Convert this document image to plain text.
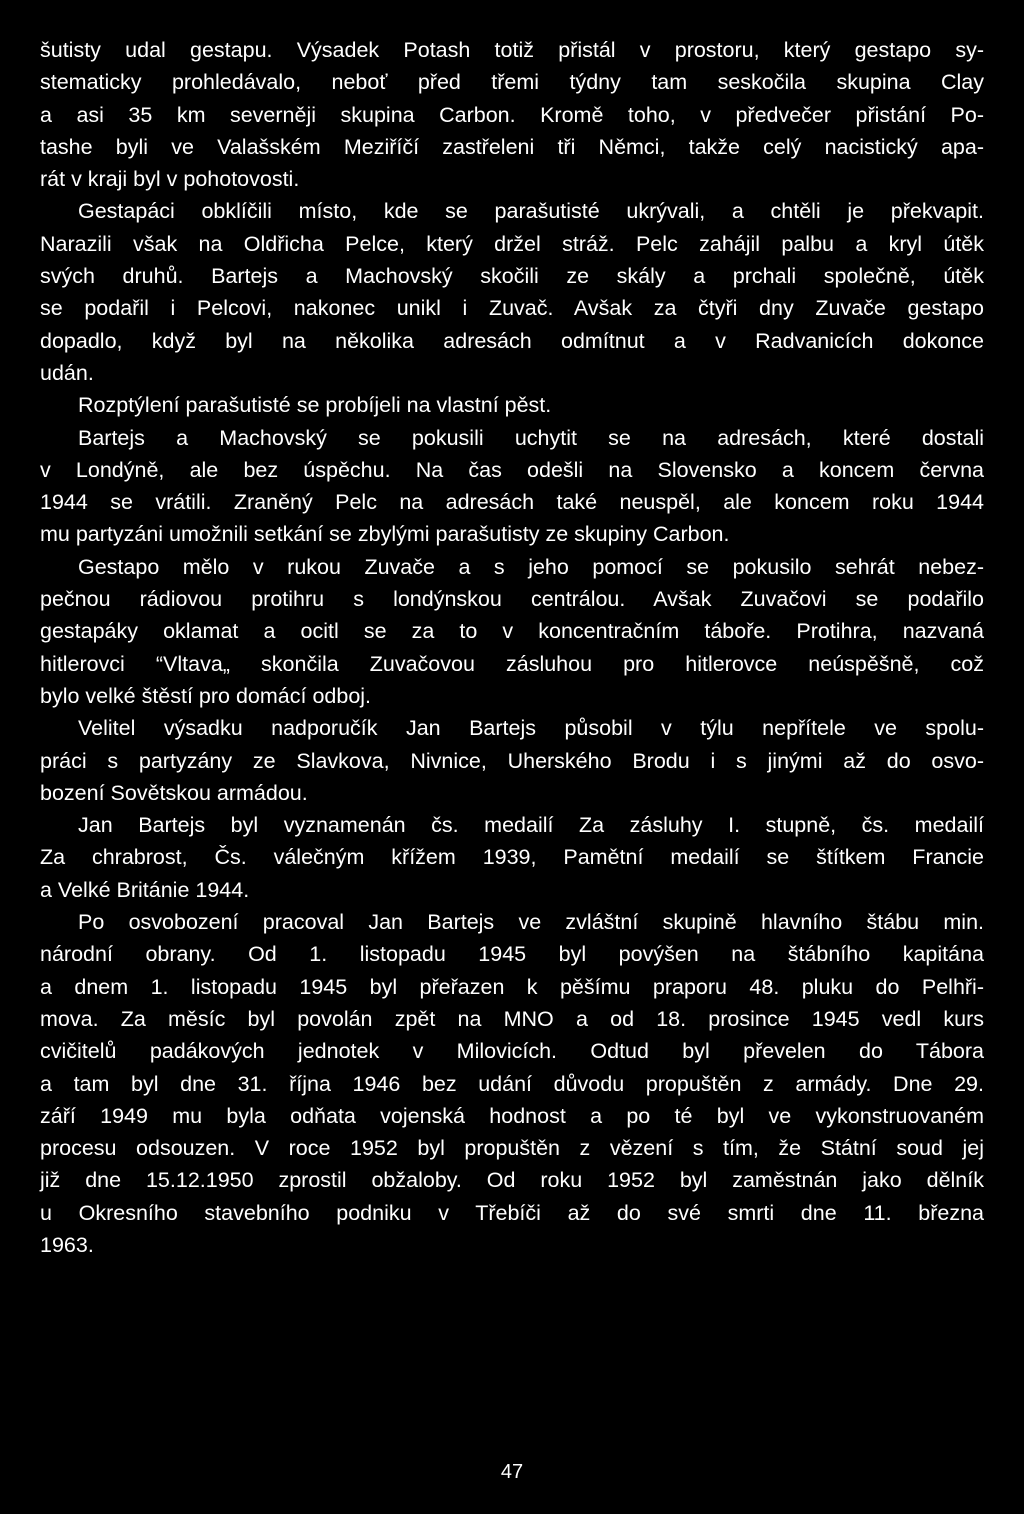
šutisty udal gestapu. Výsadek Potash totiž přistál v prostoru, který gestapo sy-
stematicky prohledávalo, neboť před třemi týdny tam seskočila skupina Clay
a asi 35 km severněji skupina Carbon. Kromě toho, v předvečer přistání Po-
tashe byli ve Valašském Meziříčí zastřeleni tři Němci, takže celý nacistický apa-
rát v kraji byl v pohotovosti.
Gestapáci obklíčili místo, kde se parašutisté ukrývali, a chtěli je překvapit.
Narazili však na Oldřicha Pelce, který držel stráž. Pelc zahájil palbu a kryl útěk
svých druhů. Bartejs a Machovský skočili ze skály a prchali společně, útěk
se podařil i Pelcovi, nakonec unikl i Zuvač. Avšak za čtyři dny Zuvače gestapo
dopadlo, když byl na několika adresách odmítnut a v Radvanicích dokonce
udán.
Rozptýlení parašutisté se probíjeli na vlastní pěst.
Bartejs a Machovský se pokusili uchytit se na adresách, které dostali
v Londýně, ale bez úspěchu. Na čas odešli na Slovensko a koncem června
1944 se vrátili. Zraněný Pelc na adresách také neuspěl, ale koncem roku 1944
mu partyzáni umožnili setkání se zbylými parašutisty ze skupiny Carbon.
Gestapo mělo v rukou Zuvače a s jeho pomocí se pokusilo sehrát nebez-
pečnou rádiovou protihru s londýnskou centrálou. Avšak Zuvačovi se podařilo
gestapáky oklamat a ocitl se za to v koncentračním táboře. Protihra, nazvaná
hitlerovci “Vltava„ skončila Zuvačovou zásluhou pro hitlerovce neúspěšně, což
bylo velké štěstí pro domácí odboj.
Velitel výsadku nadporučík Jan Bartejs působil v týlu nepřítele ve spolu-
práci s partyzány ze Slavkova, Nivnice, Uherského Brodu i s jinými až do osvo-
bození Sovětskou armádou.
Jan Bartejs byl vyznamenán čs. medailí Za zásluhy I. stupně, čs. medailí
Za chrabrost, Čs. válečným křížem 1939, Pamětní medailí se štítkem Francie
a Velké Británie 1944.
Po osvobození pracoval Jan Bartejs ve zvláštní skupině hlavního štábu min.
národní obrany. Od 1. listopadu 1945 byl povýšen na štábního kapitána
a dnem 1. listopadu 1945 byl přeřazen k pěšímu praporu 48. pluku do Pelhři-
mova. Za měsíc byl povolán zpět na MNO a od 18. prosince 1945 vedl kurs
cvičitelů padákových jednotek v Milovicích. Odtud byl převelen do Tábora
a tam byl dne 31. října 1946 bez udání důvodu propuštěn z armády. Dne 29.
září 1949 mu byla odňata vojenská hodnost a po té byl ve vykonstruovaném
procesu odsouzen. V roce 1952 byl propuštěn z vězení s tím, že Státní soud jej
již dne 15.12.1950 zprostil obžaloby. Od roku 1952 byl zaměstnán jako dělník
u Okresního stavebního podniku v Třebíči až do své smrti dne 11. března
1963.
47
